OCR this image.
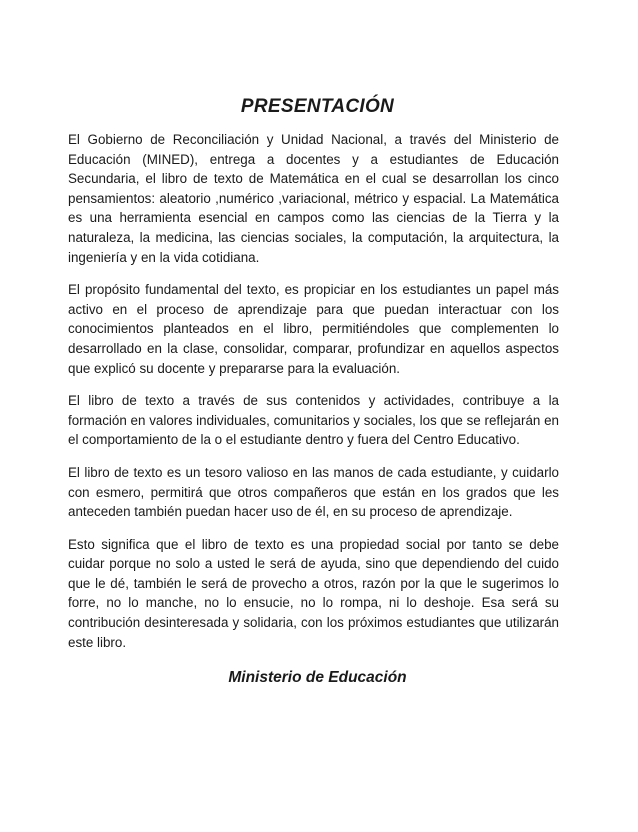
PRESENTACIÓN

El Gobierno de Reconciliación y Unidad Nacional, a través del Ministerio de Educación (MINED), entrega a docentes y a estudiantes de Educación Secundaria, el libro de texto de Matemática en el cual se desarrollan los cinco pensamientos: aleatorio ,numérico ,variacional, métrico y espacial. La Matemática es una herramienta esencial en campos como las ciencias de la Tierra y la naturaleza, la medicina, las ciencias sociales, la computación, la arquitectura, la ingeniería y en la vida cotidiana.

El propósito fundamental del texto, es propiciar en los estudiantes un papel más activo en el proceso de aprendizaje para que puedan interactuar con los conocimientos planteados en el libro, permitiéndoles que complementen lo desarrollado en la clase, consolidar, comparar, profundizar en aquellos aspectos que explicó su docente y prepararse para la evaluación.

El libro de texto a través de sus contenidos y actividades, contribuye a la formación en valores individuales, comunitarios y sociales, los que se reflejarán en el comportamiento de la o el estudiante dentro y fuera del Centro Educativo.

El libro de texto es un tesoro valioso en las manos de cada estudiante, y cuidarlo con esmero, permitirá que otros compañeros que están en los grados que les anteceden también puedan hacer uso de él, en su proceso de aprendizaje.

Esto significa que el libro de texto es una propiedad social por tanto se debe cuidar porque no solo a usted le será de ayuda, sino que dependiendo del cuido que le dé, también le será de provecho a otros, razón por la que le sugerimos lo forre, no lo manche, no lo ensucie, no lo rompa, ni lo deshoje. Esa será su contribución desinteresada y solidaria, con los próximos estudiantes que utilizarán este libro.

Ministerio de Educación
